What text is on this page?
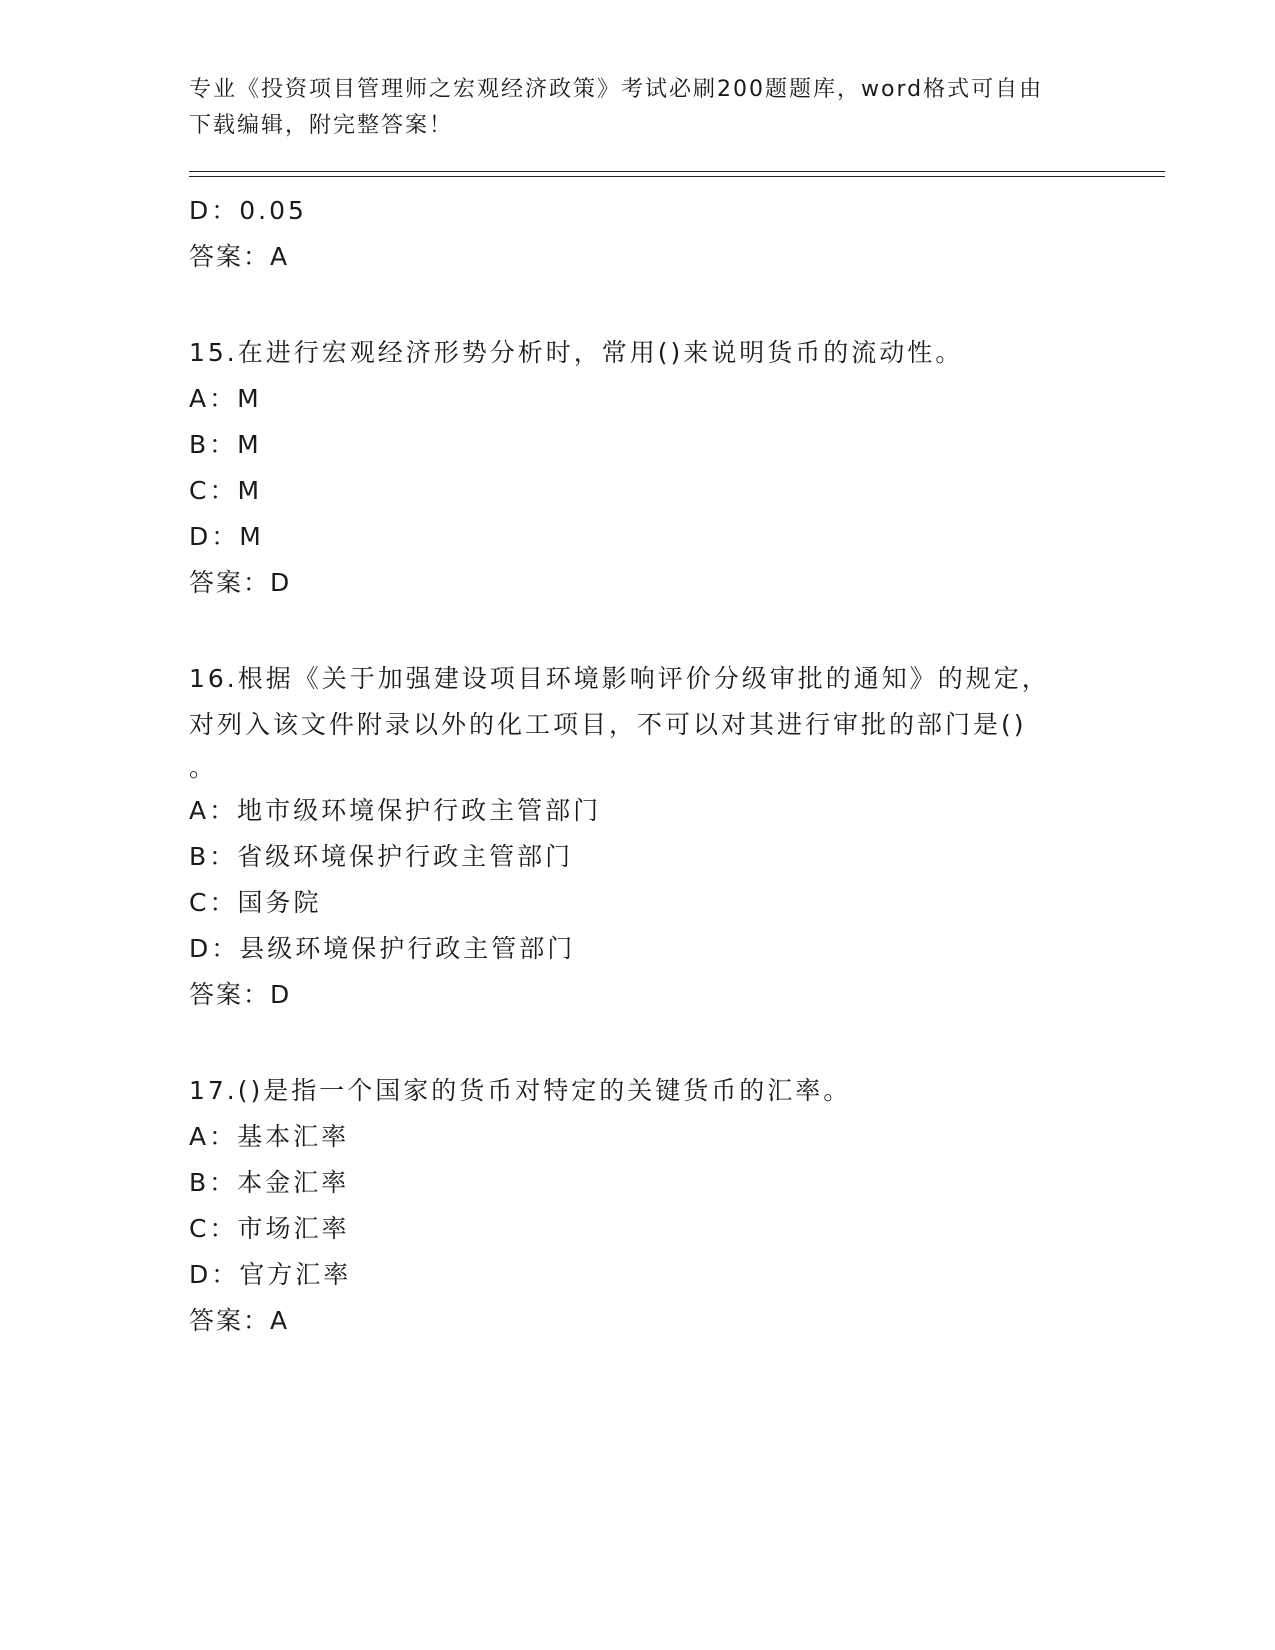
专业《投资项目管理师之宏观经济政策》考试必刷200题题库，word格式可自由
下载编辑，附完整答案！
D：0.05
答案：A
15.在进行宏观经济形势分析时，常用()来说明货币的流动性。
A：M
B：M
C：M
D：M
答案：D
16.根据《关于加强建设项目环境影响评价分级审批的通知》的规定，
对列入该文件附录以外的化工项目，不可以对其进行审批的部门是()
。
A：地市级环境保护行政主管部门
B：省级环境保护行政主管部门
C：国务院
D：县级环境保护行政主管部门
答案：D
17.()是指一个国家的货币对特定的关键货币的汇率。
A：基本汇率
B：本金汇率
C：市场汇率
D：官方汇率
答案：A
